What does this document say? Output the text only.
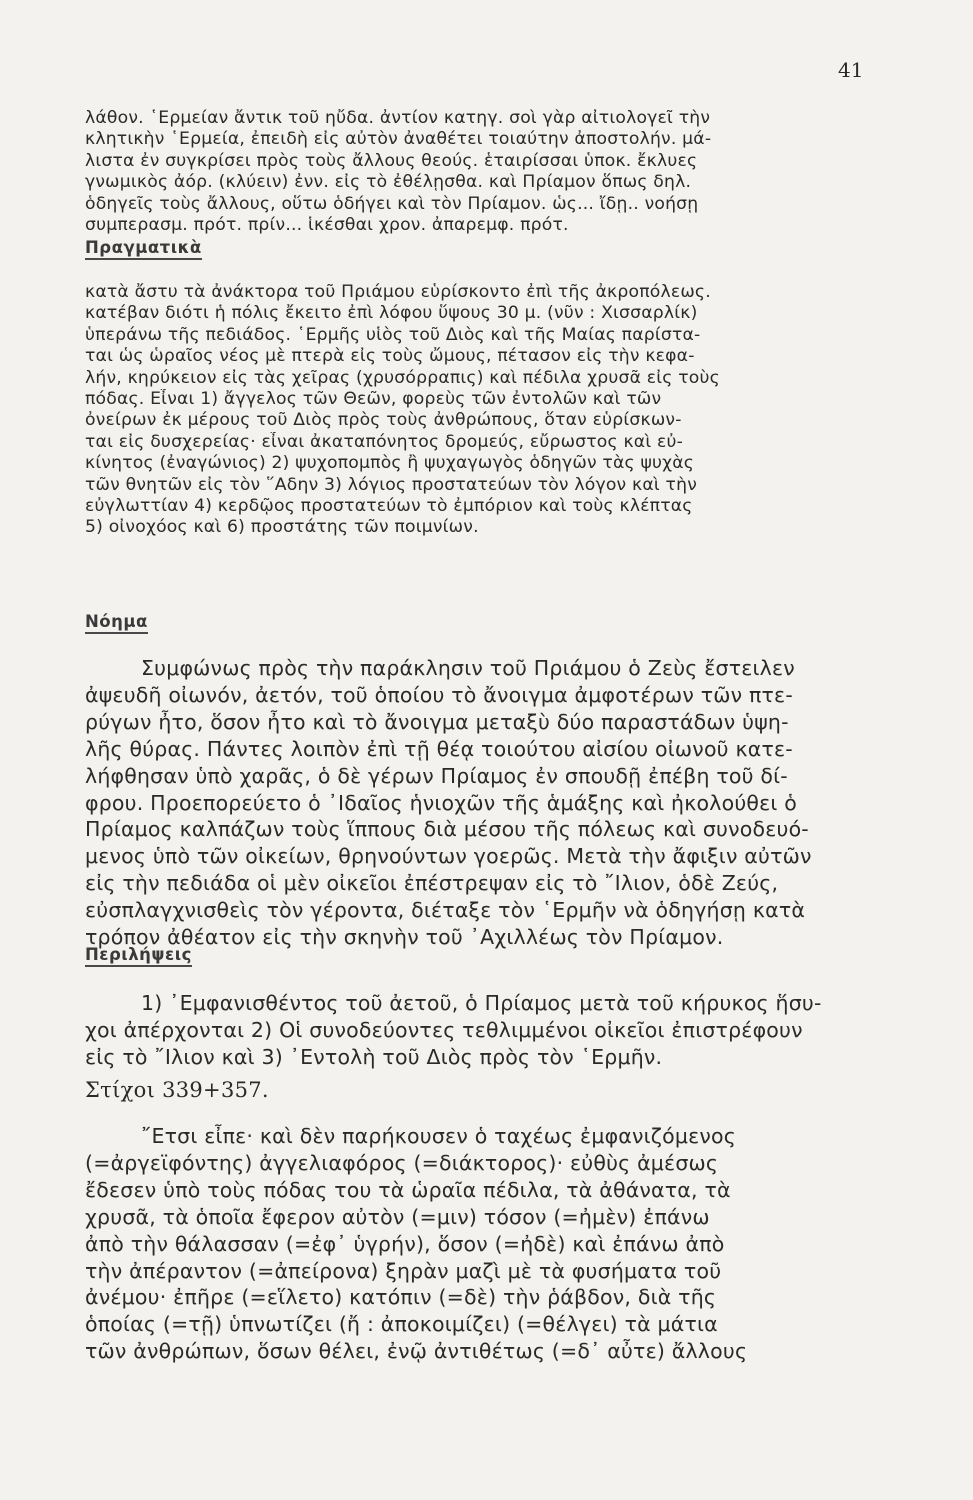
41
λάθον. ῾Ερμείαν ἄντικ τοῦ ηὔδα. ἀντίον κατηγ. σοὶ γὰρ αἰτιολογεῖ τὴν
κλητικὴν ῾Ερμεία, ἐπειδὴ εἰς αὐτὸν ἀναθέτει τοιαύτην ἀποστολήν. μά-
λιστα ἐν συγκρίσει πρὸς τοὺς ἄλλους θεούς. ἑταιρίσσαι ὑποκ. ἔκλυες
γνωμικὸς ἀόρ. (κλύειν) ἐνν. εἰς τὸ ἐθέλῃσθα. καὶ Πρίαμον ὅπως δηλ.
ὁδηγεῖς τοὺς ἄλλους, οὕτω ὁδήγει καὶ τὸν Πρίαμον. ὡς... ἴδῃ.. νοήσῃ
συμπερασμ. πρότ. πρίν... ἱκέσθαι χρον. ἀπαρεμφ. πρότ.
Πραγματικὰ
κατὰ ἄστυ τὰ ἀνάκτορα τοῦ Πριάμου εὑρίσκοντο ἐπὶ τῆς ἀκροπόλεως.
κατέβαν διότι ἡ πόλις ἔκειτο ἐπὶ λόφου ὕψους 30 μ. (νῦν : Χισσαρλίκ)
ὑπεράνω τῆς πεδιάδος. ῾Ερμῆς υἱὸς τοῦ Διὸς καὶ τῆς Μαίας παρίστα-
ται ὡς ὡραῖος νέος μὲ πτερὰ εἰς τοὺς ὤμους, πέτασον εἰς τὴν κεφα-
λήν, κηρύκειον εἰς τὰς χεῖρας (χρυσόρραπις) καὶ πέδιλα χρυσᾶ εἰς τοὺς
πόδας. Εἶναι 1) ἄγγελος τῶν Θεῶν, φορεὺς τῶν ἐντολῶν καὶ τῶν
ὀνείρων ἐκ μέρους τοῦ Διὸς πρὸς τοὺς ἀνθρώπους, ὅταν εὑρίσκων-
ται εἰς δυσχερείας· εἶναι ἀκαταπόνητος δρομεύς, εὔρωστος καὶ εὐ-
κίνητος (ἐναγώνιος) 2) ψυχοπομπὸς ἢ ψυχαγωγὸς ὁδηγῶν τὰς ψυχὰς
τῶν θνητῶν εἰς τὸν ῞Αδην 3) λόγιος προστατεύων τὸν λόγον καὶ τὴν
εὐγλωττίαν 4) κερδῷος προστατεύων τὸ ἐμπόριον καὶ τοὺς κλέπτας
5) οἰνοχόος καὶ 6) προστάτης τῶν ποιμνίων.
Νόημα
Συμφώνως πρὸς τὴν παράκλησιν τοῦ Πριάμου ὁ Ζεὺς ἔστειλεν
ἀψευδῆ οἰωνόν, ἀετόν, τοῦ ὁποίου τὸ ἄνοιγμα ἀμφοτέρων τῶν πτε-
ρύγων ἦτο, ὅσον ἦτο καὶ τὸ ἄνοιγμα μεταξὺ δύο παραστάδων ὑψη-
λῆς θύρας. Πάντες λοιπὸν ἐπὶ τῇ θέᾳ τοιούτου αἰσίου οἰωνοῦ κατε-
λήφθησαν ὑπὸ χαρᾶς, ὁ δὲ γέρων Πρίαμος ἐν σπουδῇ ἐπέβη τοῦ δί-
φρου. Προεπορεύετο ὁ ᾿Ιδαῖος ἡνιοχῶν τῆς ἁμάξης καὶ ἠκολούθει ὁ
Πρίαμος καλπάζων τοὺς ἵππους διὰ μέσου τῆς πόλεως καὶ συνοδευό-
μενος ὑπὸ τῶν οἰκείων, θρηνούντων γοερῶς. Μετὰ τὴν ἄφιξιν αὐτῶν
εἰς τὴν πεδιάδα οἱ μὲν οἰκεῖοι ἐπέστρεψαν εἰς τὸ ῎Ιλιον, ὁδὲ Ζεύς,
εὐσπλαγχνισθεὶς τὸν γέροντα, διέταξε τὸν ῾Ερμῆν νὰ ὁδηγήσῃ κατὰ
τρόπον ἀθέατον εἰς τὴν σκηνὴν τοῦ ᾿Αχιλλέως τὸν Πρίαμον.
Περιλήψεις
1) ᾿Εμφανισθέντος τοῦ ἀετοῦ, ὁ Πρίαμος μετὰ τοῦ κήρυκος ἥσυ-
χοι ἀπέρχονται 2) Οἱ συνοδεύοντες τεθλιμμένοι οἰκεῖοι ἐπιστρέφουν
εἰς τὸ ῎Ιλιον καὶ 3) ᾿Εντολὴ τοῦ Διὸς πρὸς τὸν ῾Ερμῆν.
Στίχοι 339+357.
῎Ετσι εἶπε· καὶ δὲν παρήκουσεν ὁ ταχέως ἐμφανιζόμενος
(=ἀργεϊφόντης) ἀγγελιαφόρος (=διάκτορος)· εὐθὺς ἀμέσως
ἔδεσεν ὑπὸ τοὺς πόδας του τὰ ὡραῖα πέδιλα, τὰ ἀθάνατα, τὰ
χρυσᾶ, τὰ ὁποῖα ἔφερον αὐτὸν (=μιν) τόσον (=ἠμὲν) ἐπάνω
ἀπὸ τὴν θάλασσαν (=ἐφ᾿ ὑγρήν), ὅσον (=ἠδὲ) καὶ ἐπάνω ἀπὸ
τὴν ἀπέραντον (=ἀπείρονα) ξηρὰν μαζὶ μὲ τὰ φυσήματα τοῦ
ἀνέμου· ἐπῆρε (=εἵλετο) κατόπιν (=δὲ) τὴν ῥάβδον, διὰ τῆς
ὁποίας (=τῇ) ὑπνωτίζει (ἤ : ἀποκοιμίζει) (=θέλγει) τὰ μάτια
τῶν ἀνθρώπων, ὅσων θέλει, ἐνῷ ἀντιθέτως (=δ᾿ αὖτε) ἄλλους
